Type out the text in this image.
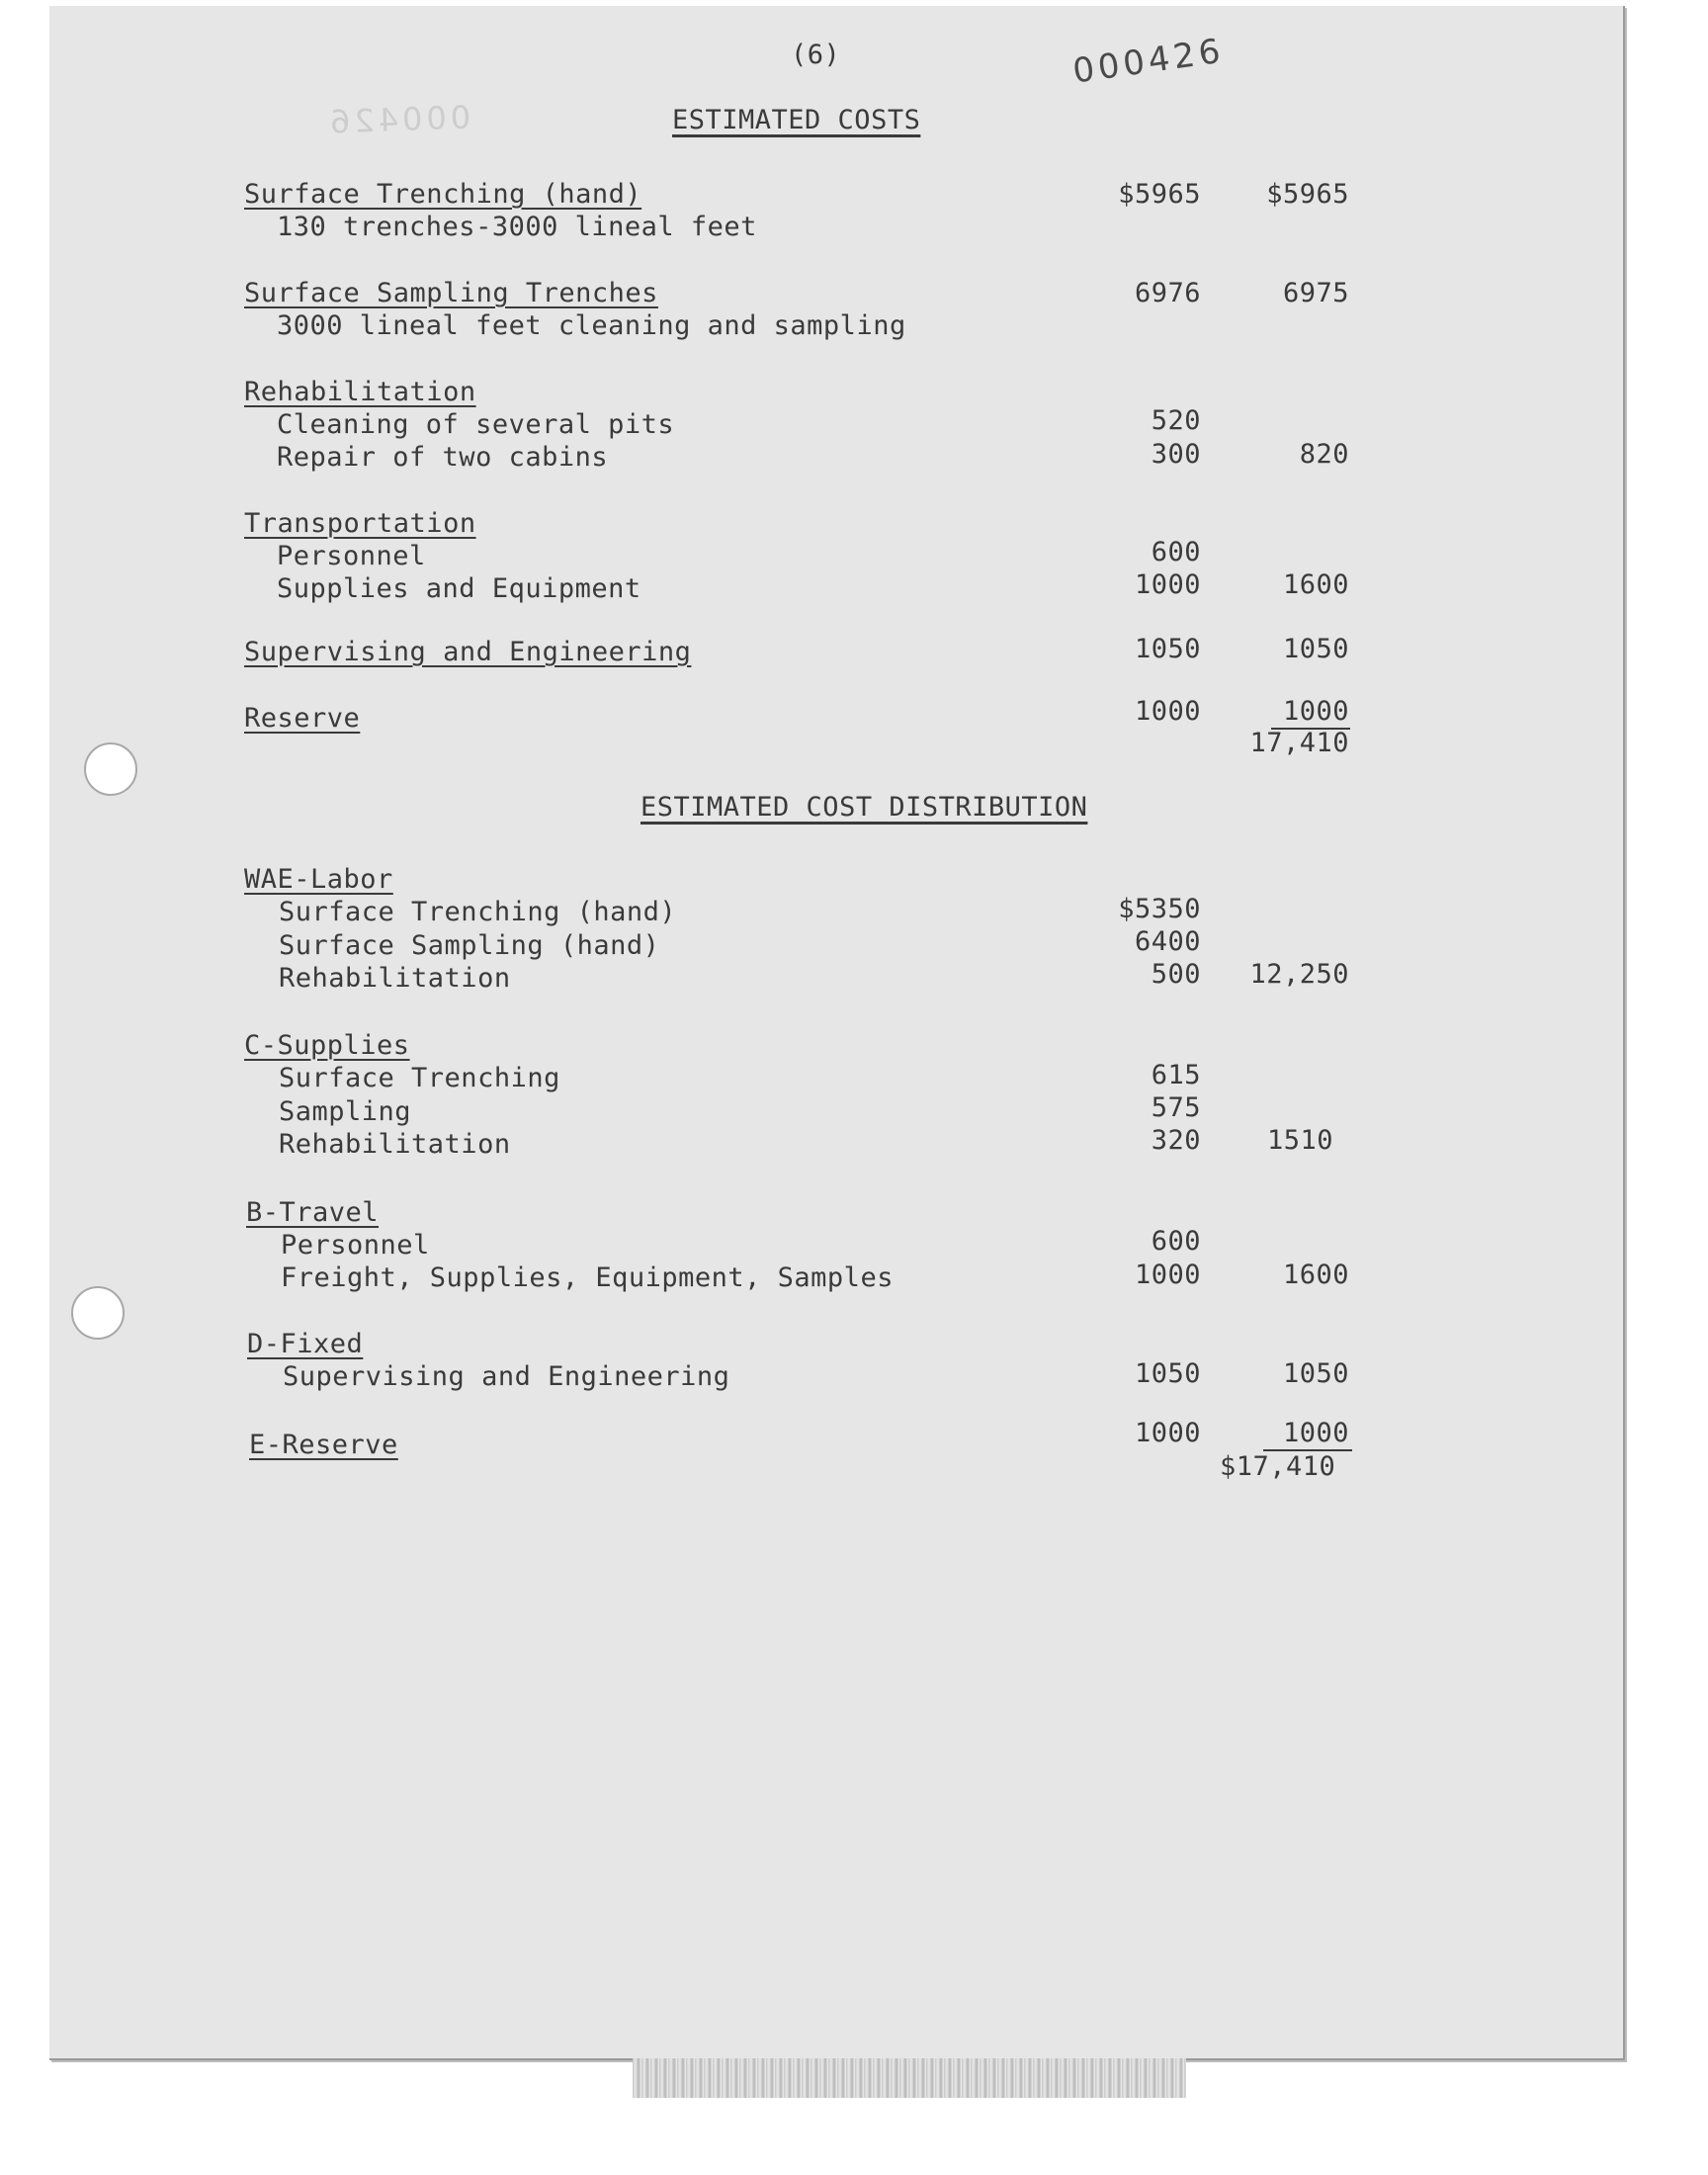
(6)	000426
000426	ESTIMATED COSTS
Surface Trenching (hand)	$5965	$5965
130 trenches-3000 lineal feet
Surface Sampling Trenches	6976	6975
3000 lineal feet cleaning and sampling
Rehabilitation
Cleaning of several pits	520
Repair of two cabins	300	820
Transportation
Personnel	600
Supplies and Equipment	1000	1600
Supervising and Engineering	1050	1050
Reserve	1000	1000
17,410
ESTIMATED COST DISTRIBUTION
WAE-Labor
Surface Trenching (hand)	$5350
Surface Sampling (hand)	6400
Rehabilitation	500	12,250
C-Supplies
Surface Trenching	615
Sampling	575
Rehabilitation	320 1510
B-Travel
Personnel	600
Freight, Supplies, Equipment, Samples	1000	1600
D-Fixed
Supervising and Engineering	1050	1050
E-Reserve	1000	1000
$17,410
